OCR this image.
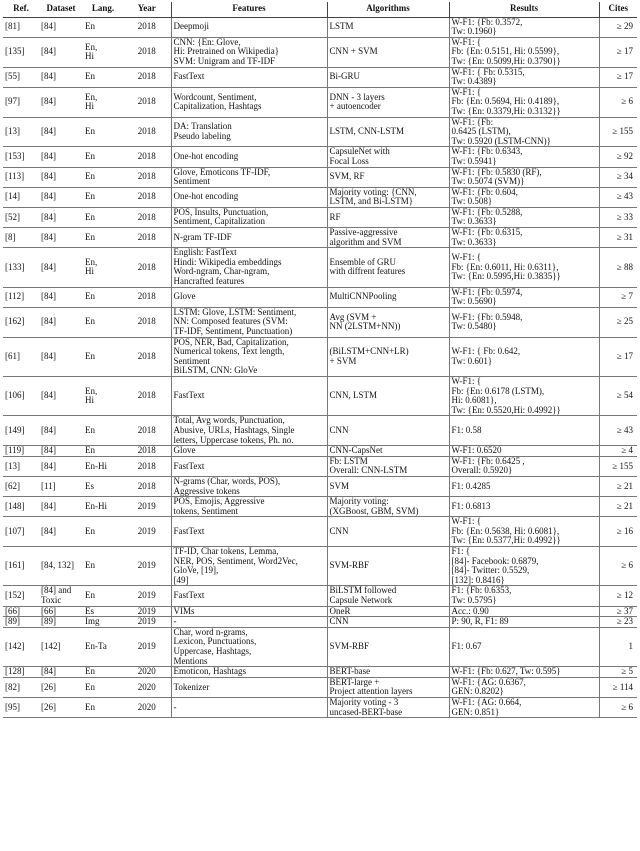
Ref.	Dataset	Lang.	Year	Features	Algorithms	Results	Cites
[81]	[84]	En	2018	Deepmoji	LSTM	W-F1: {Fb: 0.3572,
Tw: 0.1960}	≥ 29
[135]	[84]	En,
Hi	2018	CNN: {En: Glove,
Hi: Pretrained on Wikipedia}
SVM: Unigram and TF-IDF	CNN + SVM	W-F1: {
Fb: {En: 0.5151, Hi: 0.5599},
Tw: {En: 0.5099,Hi: 0.3790}}	≥ 17
[55]	[84]	En	2018	FastText	Bi-GRU	W-F1: { Fb: 0.5315,
Tw: 0.4389}	≥ 17
[97]	[84]	En,
Hi	2018	Wordcount, Sentiment,
Capitalization, Hashtags	DNN - 3 layers
+ autoencoder	W-F1: {
Fb: {En: 0.5694, Hi: 0.4189},
Tw: {En: 0.3379,Hi: 0.3132}}	≥ 6
[13]	[84]	En	2018	DA: Translation
Pseudo labeling	LSTM, CNN-LSTM	W-F1: {Fb:
0.6425 (LSTM),
Tw: 0.5920 (LSTM-CNN)}	≥ 155
[153]	[84]	En	2018	One-hot encoding	CapsuleNet with
Focal Loss	W-F1: {Fb: 0.6343,
Tw: 0.5941}	≥ 92
[113]	[84]	En	2018	Glove, Emoticons TF-IDF,
Sentiment	SVM, RF	W-F1: {Fb: 0.5830 (RF),
Tw: 0.5074 (SVM)}	≥ 34
[14]	[84]	En	2018	One-hot encoding	Majority voting: {CNN,
LSTM, and Bi-LSTM}	W-F1: {Fb: 0.604,
Tw: 0.508}	≥ 43
[52]	[84]	En	2018	POS, Insults, Punctuation,
Sentiment, Capitalization	RF	W-F1: {Fb: 0.5288,
Tw: 0.3633}	≥ 33
[8]	[84]	En	2018	N-gram TF-IDF	Passive-aggressive
algorithm and SVM	W-F1: {Fb: 0.6315,
Tw: 0.3633}	≥ 31
[133]	[84]	En,
Hi	2018	English: FastText
Hindi: Wikipedia embeddings
Word-ngram, Char-ngram,
Hancrafted features	Ensemble of GRU
with diffrent features	W-F1: {
Fb: {En: 0.6011, Hi: 0.6311},
Tw: {En: 0.5995,Hi: 0.3835}}	≥ 88
[112]	[84]	En	2018	Glove	MultiCNNPooling	W-F1: {Fb: 0.5974,
Tw: 0.5690}	≥ 7
[162]	[84]	En	2018	LSTM: Glove, LSTM: Sentiment,
NN: Composed features (SVM:
TF-IDF, Sentiment, Punctuation)	Avg (SVM +
NN (2LSTM+NN))	W-F1: {Fb: 0.5948,
Tw: 0.5480}	≥ 25
[61]	[84]	En	2018	POS, NER, Bad, Capitalization,
Numerical tokens, Text length,
Sentiment
BiLSTM, CNN: GloVe	(BiLSTM+CNN+LR)
+ SVM	W-F1: { Fb: 0.642,
Tw: 0.601}	≥ 17
[106]	[84]	En,
Hi	2018	FastText	CNN, LSTM	W-F1: {
Fb: {En: 0.6178 (LSTM),
Hi: 0.6081},
Tw: {En: 0.5520,Hi: 0.4992}}	≥ 54
[149]	[84]	En	2018	Total, Avg words, Punctuation,
Abusive, URLs, Hashtags, Single
letters, Uppercase tokens, Ph. no.	CNN	F1: 0.58	≥ 43
[119]	[84]	En	2018	Glove	CNN-CapsNet	W-F1: 0.6520	≥ 4
[13]	[84]	En-Hi	2018	FastText	Fb: LSTM
Overall: CNN-LSTM	W-F1: {Fb: 0.6425 ,
Overall: 0.5920}	≥ 155
[62]	[11]	Es	2018	N-grams (Char, words, POS),
Aggressive tokens	SVM	F1: 0.4285	≥ 21
[148]	[84]	En-Hi	2019	POS, Emojis, Aggressive
tokens, Sentiment	Majority voting:
(XGBoost, GBM, SVM)	F1: 0.6813	≥ 21
[107]	[84]	En	2019	FastText	CNN	W-F1: {
Fb: {En: 0.5638, Hi: 0.6081},
Tw: {En: 0.5377,Hi: 0.4992}}	≥ 16
[161]	[84, 132]	En	2019	TF-ID, Char tokens, Lemma,
NER, POS, Sentiment, Word2Vec,
GloVe, [19],
[49]	SVM-RBF	F1: {
[84]- Facebook: 0.6879,
[84]- Twitter: 0.5529,
[132]: 0.8416}	≥ 6
[152]	[84] and
Toxic	En	2019	FastText	BiLSTM followed
Capsule Network	F1: {Fb: 0.6353,
Tw: 0.5795}	≥ 12
[66]	[66]	Es	2019	VIMs	OneR	Acc.: 0.90	≥ 37
[89]	[89]	Img	2019	-	CNN	P: 90, R, F1: 89	≥ 23
[142]	[142]	En-Ta	2019	Char, word n-grams,
Lexicon, Punctuations,
Uppercase, Hashtags,
Mentions	SVM-RBF	F1: 0.67	1
[128]	[84]	En	2020	Emoticon, Hashtags	BERT-base	W-F1: {Fb: 0.627, Tw: 0.595}	≥ 5
[82]	[26]	En	2020	Tokenizer	BERT-large +
Project attention layers	W-F1: {AG: 0.6367,
GEN: 0.8202}	≥ 114
[95]	[26]	En	2020	-	Majority voting - 3
uncased-BERT-base	W-F1: {AG: 0.664,
GEN: 0.851}	≥ 6
